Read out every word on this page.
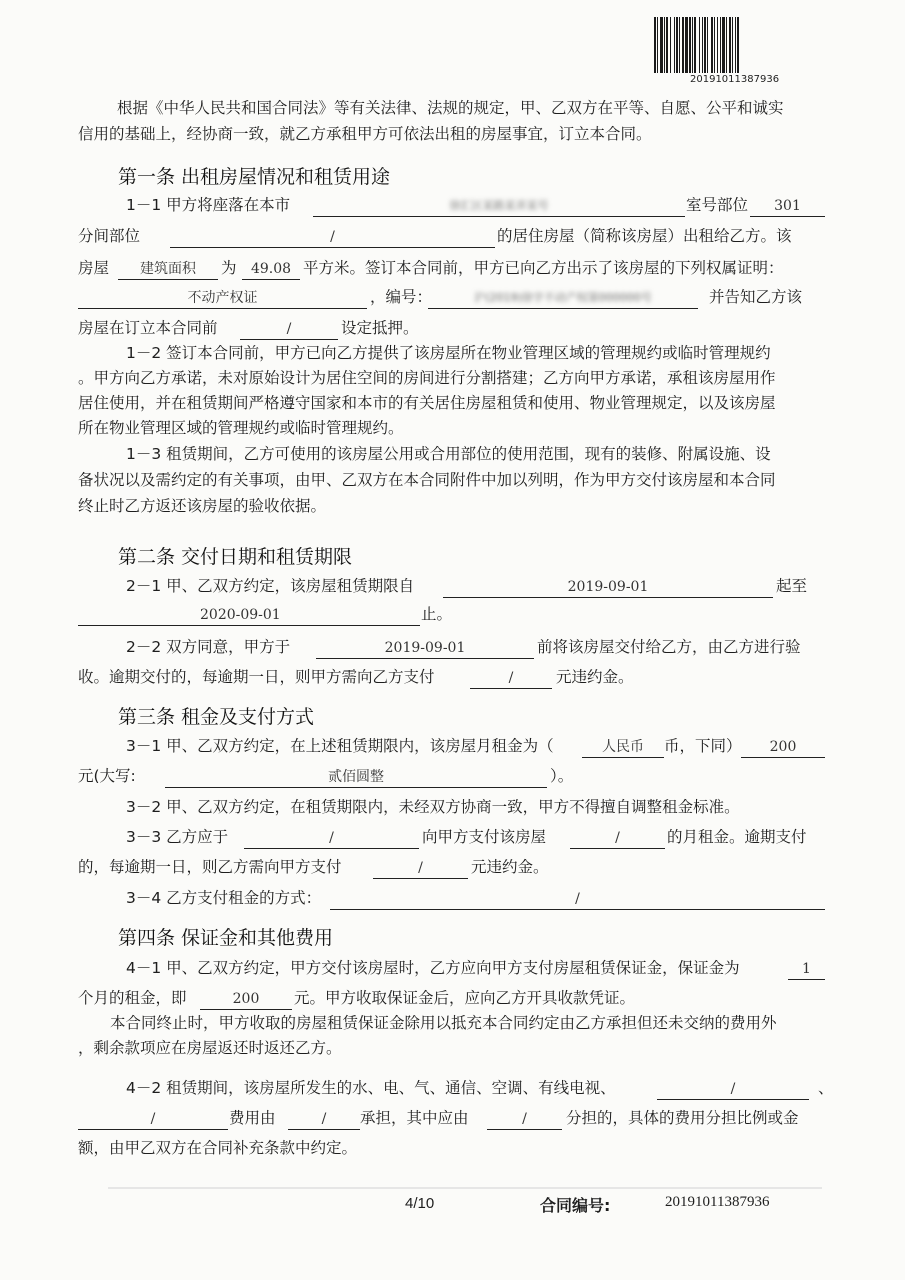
20191011387936
根据《中华人民共和国合同法》等有关法律、法规的规定，甲、乙双方在平等、自愿、公平和诚实
信用的基础上，经协商一致，就乙方承租甲方可依法出租的房屋事宜，订立本合同。
第一条 出租房屋情况和租赁用途
1－1 甲方将座落在本市	徐汇区某路某弄某号	室号部位	301
分间部位	/	的居住房屋（简称该房屋）出租给乙方。该
房屋	建筑面积	为	49.08 平方米。签订本合同前，甲方已向乙方出示了该房屋的下列权属证明：
不动产权证	，编号：	沪(2019)徐字不动产权第000000号	并告知乙方该
房屋在订立本合同前	/	设定抵押。
1－2 签订本合同前，甲方已向乙方提供了该房屋所在物业管理区域的管理规约或临时管理规约
。甲方向乙方承诺，未对原始设计为居住空间的房间进行分割搭建；乙方向甲方承诺，承租该房屋用作
居住使用，并在租赁期间严格遵守国家和本市的有关居住房屋租赁和使用、物业管理规定，以及该房屋
所在物业管理区域的管理规约或临时管理规约。
1－3 租赁期间，乙方可使用的该房屋公用或合用部位的使用范围，现有的装修、附属设施、设
备状况以及需约定的有关事项，由甲、乙双方在本合同附件中加以列明，作为甲方交付该房屋和本合同
终止时乙方返还该房屋的验收依据。
第二条 交付日期和租赁期限
2－1 甲、乙双方约定，该房屋租赁期限自	2019-09-01	起至
2020-09-01	止。
2－2 双方同意，甲方于	2019-09-01	前将该房屋交付给乙方，由乙方进行验
收。逾期交付的，每逾期一日，则甲方需向乙方支付	/	元违约金。
第三条 租金及支付方式
3－1 甲、乙双方约定，在上述租赁期限内，该房屋月租金为（	人民币	币，下同）	200
元(大写:	贰佰圆整	）。
3－2 甲、乙双方约定，在租赁期限内，未经双方协商一致，甲方不得擅自调整租金标准。
3－3 乙方应于	/	向甲方支付该房屋	/	的月租金。逾期支付
的，每逾期一日，则乙方需向甲方支付	/	元违约金。
3－4 乙方支付租金的方式：	/
第四条 保证金和其他费用
4－1 甲、乙双方约定，甲方交付该房屋时，乙方应向甲方支付房屋租赁保证金，保证金为	1
个月的租金，即	200	元。甲方收取保证金后，应向乙方开具收款凭证。
本合同终止时，甲方收取的房屋租赁保证金除用以抵充本合同约定由乙方承担但还未交纳的费用外
，剩余款项应在房屋返还时返还乙方。
4－2 租赁期间，该房屋所发生的水、电、气、通信、空调、有线电视、	/	、
/	费用由	/	承担，其中应由	/	分担的，具体的费用分担比例或金
额，由甲乙双方在合同补充条款中约定。
4/10	合同编号:	20191011387936
